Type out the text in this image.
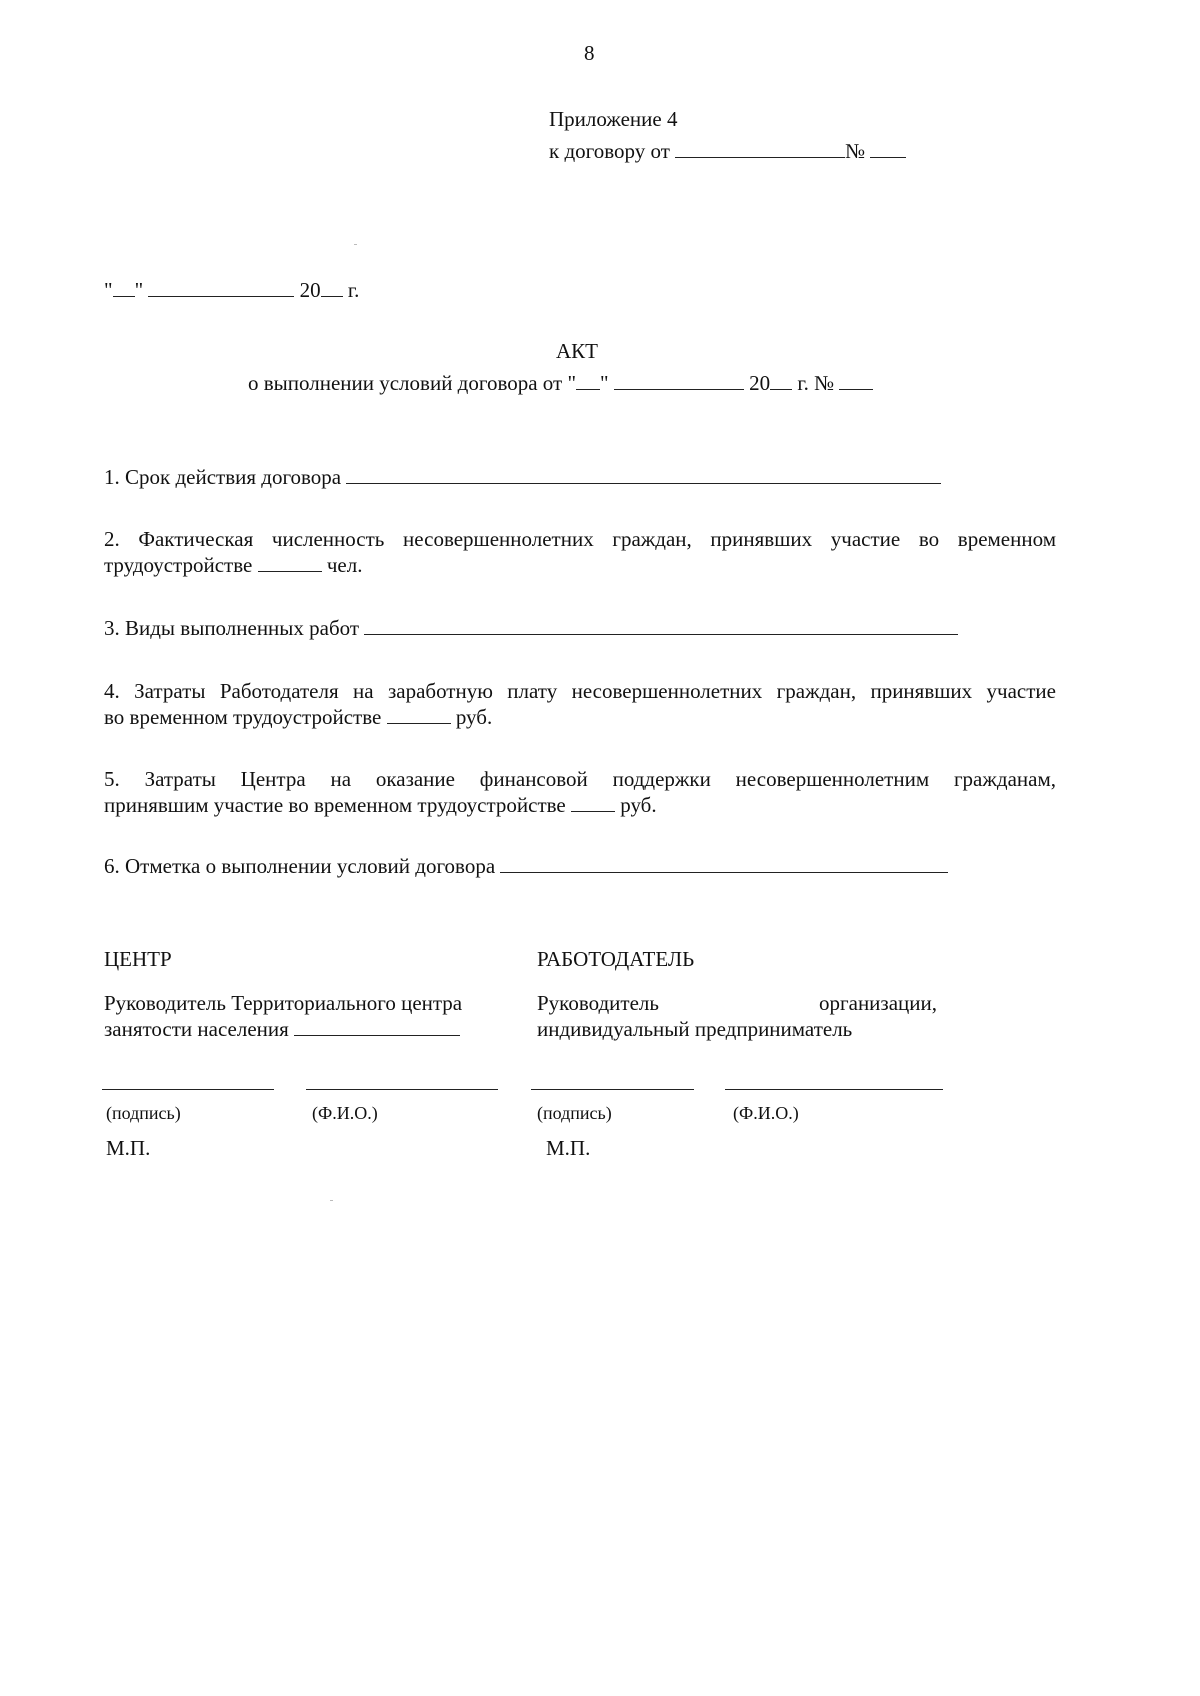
8
Приложение 4
к договору от	№
" "	20 г.
АКТ
о выполнении условий договора от " "	20 г. №
1. Срок действия договора
2. Фактическая численность несовершеннолетних граждан, принявших участие во временном
трудоустройстве	чел.
3. Виды выполненных работ
4. Затраты Работодателя на заработную плату несовершеннолетних граждан, принявших участие
во временном трудоустройстве	руб.
5. Затраты Центра на оказание финансовой поддержки несовершеннолетним гражданам,
принявшим участие во временном трудоустройстве	руб.
6. Отметка о выполнении условий договора
ЦЕНТР
Руководитель Территориального центра
занятости населения
(подпись)	(Ф.И.О.)
М.П.
РАБОТОДАТЕЛЬ
Руководитель организации,
индивидуальный предприниматель
(подпись)	(Ф.И.О.)
М.П.
